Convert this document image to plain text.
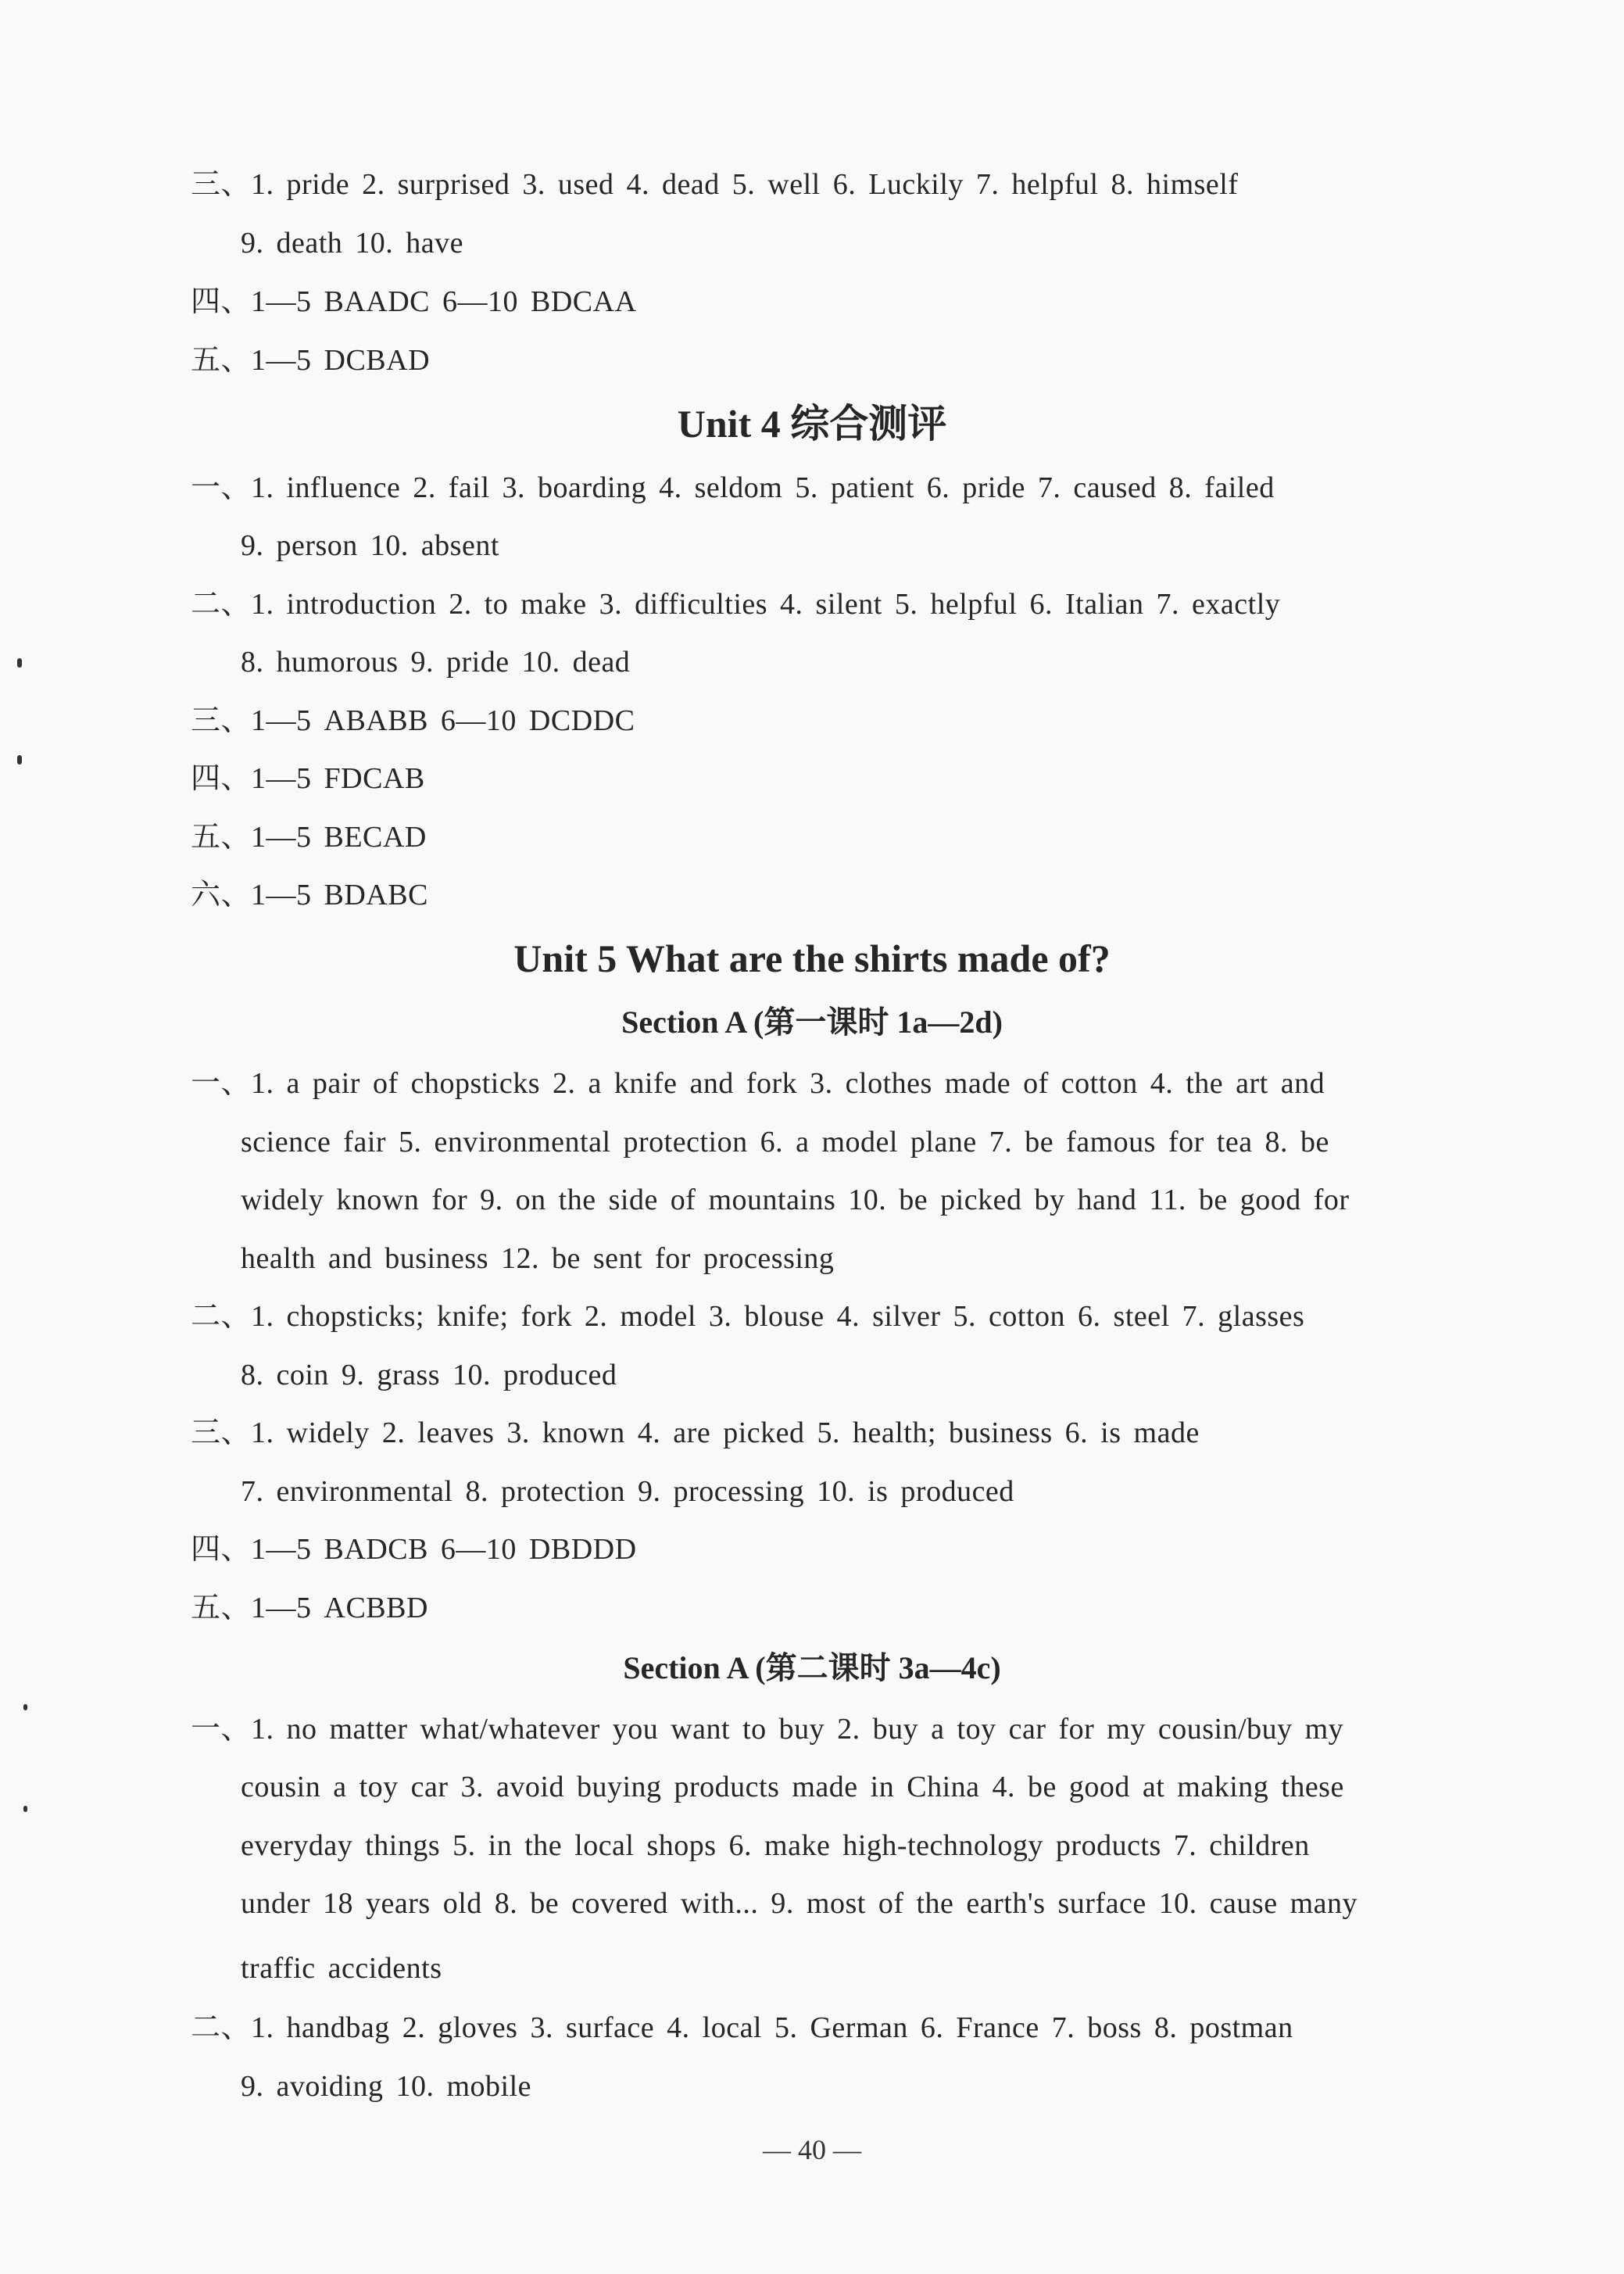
三、1. pride 2. surprised 3. used 4. dead 5. well 6. Luckily 7. helpful 8. himself
9. death 10. have
四、1—5 BAADC 6—10 BDCAA
五、1—5 DCBAD
Unit 4 综合测评
一、1. influence 2. fail 3. boarding 4. seldom 5. patient 6. pride 7. caused 8. failed
9. person 10. absent
二、1. introduction 2. to make 3. difficulties 4. silent 5. helpful 6. Italian 7. exactly
8. humorous 9. pride 10. dead
三、1—5 ABABB 6—10 DCDDC
四、1—5 FDCAB
五、1—5 BECAD
六、1—5 BDABC
Unit 5 What are the shirts made of?
Section A (第一课时 1a—2d)
一、1. a pair of chopsticks 2. a knife and fork 3. clothes made of cotton 4. the art and
science fair 5. environmental protection 6. a model plane 7. be famous for tea 8. be
widely known for 9. on the side of mountains 10. be picked by hand 11. be good for
health and business 12. be sent for processing
二、1. chopsticks; knife; fork 2. model 3. blouse 4. silver 5. cotton 6. steel 7. glasses
8. coin 9. grass 10. produced
三、1. widely 2. leaves 3. known 4. are picked 5. health; business 6. is made
7. environmental 8. protection 9. processing 10. is produced
四、1—5 BADCB 6—10 DBDDD
五、1—5 ACBBD
Section A (第二课时 3a—4c)
一、1. no matter what/whatever you want to buy 2. buy a toy car for my cousin/buy my
cousin a toy car 3. avoid buying products made in China 4. be good at making these
everyday things 5. in the local shops 6. make high-technology products 7. children
under 18 years old 8. be covered with... 9. most of the earth's surface 10. cause many
traffic accidents
二、1. handbag 2. gloves 3. surface 4. local 5. German 6. France 7. boss 8. postman
9. avoiding 10. mobile
— 40 —
